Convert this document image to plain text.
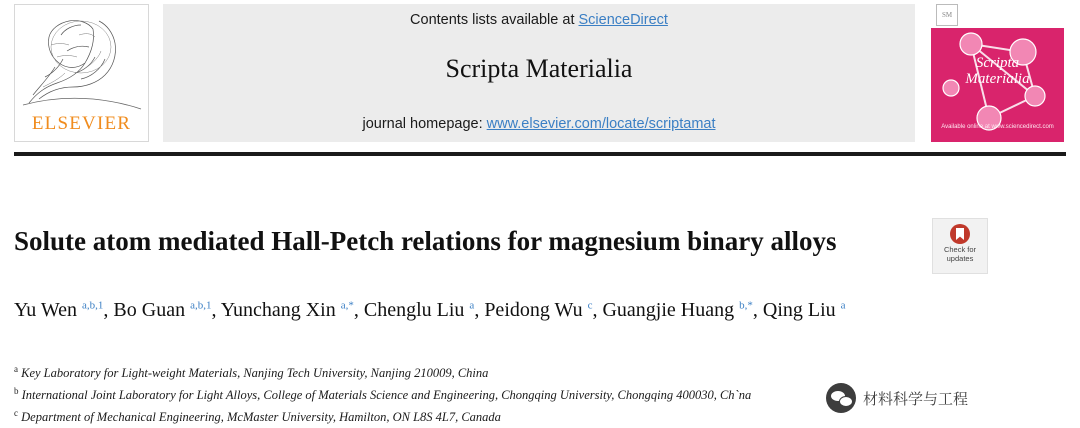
ELSEVIER
Contents lists available at ScienceDirect
Scripta Materialia
journal homepage: www.elsevier.com/locate/scriptamat
SM
Scripta
Materialia
Available online at www.sciencedirect.com
Solute atom mediated Hall-Petch relations for magnesium binary alloys
Yu Wen $^{a,b,1}$, Bo Guan $^{a,b,1}$, Yunchang Xin $^{a,*}$, Chenglu Liu $^a$, Peidong Wu $^c$, Guangjie Huang $^{b,*}$, Qing Liu $^a$
$^a$ Key Laboratory for Light-weight Materials, Nanjing Tech University, Nanjing 210009, China
$^b$ International Joint Laboratory for Light Alloys, College of Materials Science and Engineering, Chongqing University, Chongqing 400030, Ch`na
$^c$ Department of Mechanical Engineering, McMaster University, Hamilton, ON L8S 4L7, Canada
Check for
updates
材料科学与工程
